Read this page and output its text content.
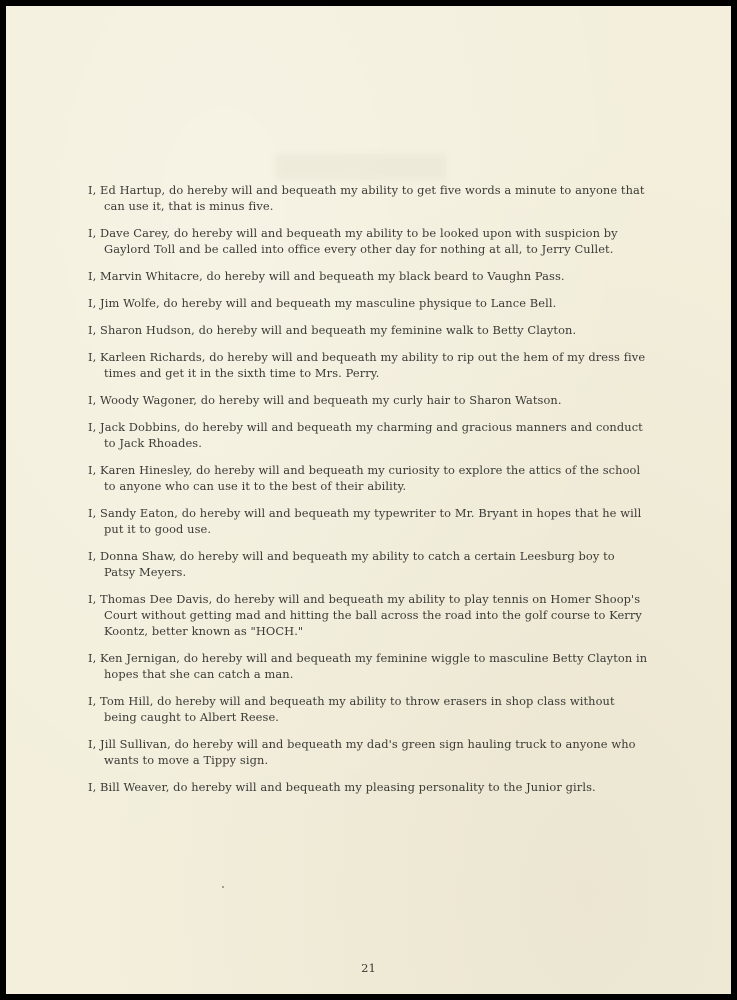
I, Ed Hartup, do hereby will and bequeath my ability to get five words a minute to anyone that can use it, that is minus five.
I, Dave Carey, do hereby will and bequeath my ability to be looked upon with suspicion by Gaylord Toll and be called into office every other day for nothing at all, to Jerry Cullet.
I, Marvin Whitacre, do hereby will and bequeath my black beard to Vaughn Pass.
I, Jim Wolfe, do hereby will and bequeath my masculine physique to Lance Bell.
I, Sharon Hudson, do hereby will and bequeath my feminine walk to Betty Clayton.
I, Karleen Richards, do hereby will and bequeath my ability to rip out the hem of my dress five times and get it in the sixth time to Mrs. Perry.
I, Woody Wagoner, do hereby will and bequeath my curly hair to Sharon Watson.
I, Jack Dobbins, do hereby will and bequeath my charming and gracious manners and conduct to Jack Rhoades.
I, Karen Hinesley, do hereby will and bequeath my curiosity to explore the attics of the school to anyone who can use it to the best of their ability.
I, Sandy Eaton, do hereby will and bequeath my typewriter to Mr. Bryant in hopes that he will put it to good use.
I, Donna Shaw, do hereby will and bequeath my ability to catch a certain Leesburg boy to Patsy Meyers.
I, Thomas Dee Davis, do hereby will and bequeath my ability to play tennis on Homer Shoop's Court without getting mad and hitting the ball across the road into the golf course to Kerry Koontz, better known as "HOCH."
I, Ken Jernigan, do hereby will and bequeath my feminine wiggle to masculine Betty Clayton in hopes that she can catch a man.
I, Tom Hill, do hereby will and bequeath my ability to throw erasers in shop class without being caught to Albert Reese.
I, Jill Sullivan, do hereby will and bequeath my dad's green sign hauling truck to anyone who wants to move a Tippy sign.
I, Bill Weaver, do hereby will and bequeath my pleasing personality to the Junior girls.
21
